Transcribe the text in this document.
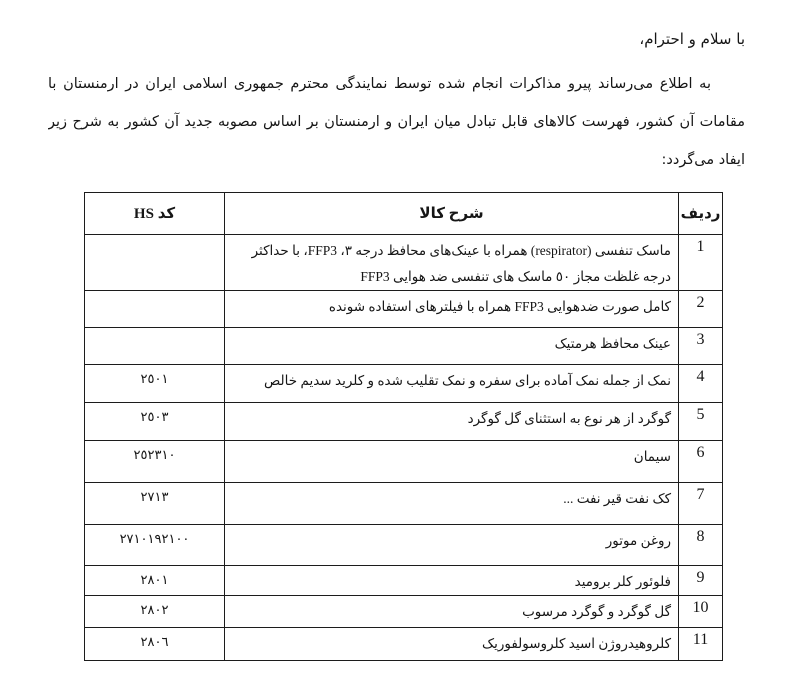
با سلام و احترام،
به اطلاع می‌رساند پیرو مذاکرات انجام شده توسط نمایندگی محترم جمهوری اسلامی ایران در ارمنستان با
مقامات آن کشور، فهرست کالاهای قابل تبادل میان ایران و ارمنستان بر اساس مصوبه جدید آن کشور به شرح زیر
ایفاد می‌گردد:
ردیف	شرح کالا	کد HS
1	ماسک تنفسی (respirator) همراه با عینک‌های محافظ درجه ٣، FFP3، با حداکثر درجه غلظت مجاز ٥٠ ماسک های تنفسی ضد هوایی FFP3	
2	کامل صورت ضدهوایی FFP3 همراه با فیلترهای استفاده شونده	
3	عینک محافظ هرمتیک	
4	نمک از جمله نمک آماده برای سفره و نمک تقلیب شده و کلرید سدیم خالص	٢٥٠١
5	گوگرد از هر نوع به استثنای گل گوگرد	٢٥٠٣
6	سیمان	٢٥٢٣١٠
7	کک نفت قیر نفت ...	٢٧١٣
8	روغن موتور	٢٧١٠١٩٢١٠٠
9	فلوئور کلر برومید	٢٨٠١
10	گل گوگرد و گوگرد مرسوب	٢٨٠٢
11	کلروهیدروژن اسید کلروسولفوریک	٢٨٠٦
